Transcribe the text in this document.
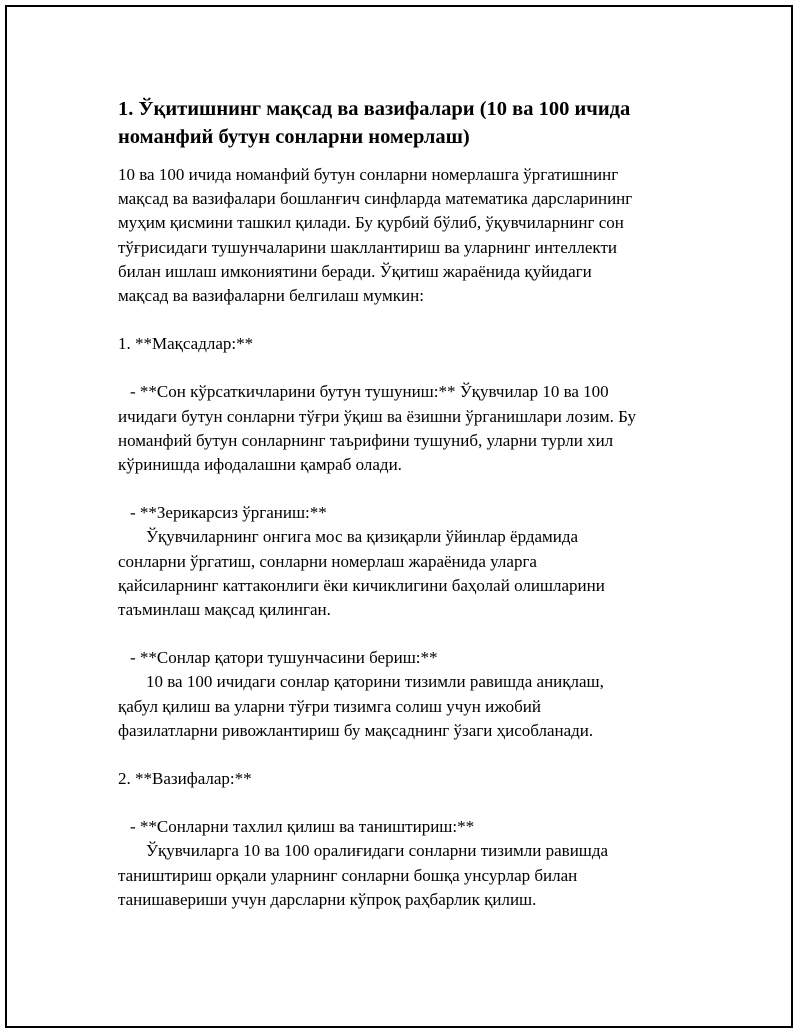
1. Ўқитишнинг мақсад ва вазифалари (10 ва 100 ичида номанфий бутун сонларни номерлаш)
10 ва 100 ичида номанфий бутун сонларни номерлашга ўргатишнинг
мақсад ва вазифалари бошланғич синфларда математика дарсларининг
муҳим қисмини ташкил қилади. Бу қурбий бўлиб, ўқувчиларнинг сон
тўғрисидаги тушунчаларини шакллантириш ва уларнинг интеллекти
билан ишлаш имкониятини беради. Ўқитиш жараёнида қуйидаги
мақсад ва вазифаларни белгилаш мумкин:
1. **Мақсадлар:**
- **Сон кўрсаткичларини бутун тушуниш:** Ўқувчилар 10 ва 100
ичидаги бутун сонларни тўғри ўқиш ва ёзишни ўрганишлари лозим. Бу
номанфий бутун сонларнинг таърифини тушуниб, уларни турли хил
кўринишда ифодалашни қамраб олади.
- **Зерикарсиз ўрганиш:**
Ўқувчиларнинг онгига мос ва қизиқарли ўйинлар ёрдамида
сонларни ўргатиш, сонларни номерлаш жараёнида уларга
қайсиларнинг каттаконлиги ёки кичиклигини баҳолай олишларини
таъминлаш мақсад қилинган.
- **Сонлар қатори тушунчасини бериш:**
10 ва 100 ичидаги сонлар қаторини тизимли равишда аниқлаш,
қабул қилиш ва уларни тўғри тизимга солиш учун ижобий
фазилатларни ривожлантириш бу мақсаднинг ўзаги ҳисобланади.
2. **Вазифалар:**
- **Сонларни тахлил қилиш ва таништириш:**
Ўқувчиларга 10 ва 100 оралиғидаги сонларни тизимли равишда
таништириш орқали уларнинг сонларни бошқа унсурлар билан
танишавериши учун дарсларни кўпроқ раҳбарлик қилиш.
